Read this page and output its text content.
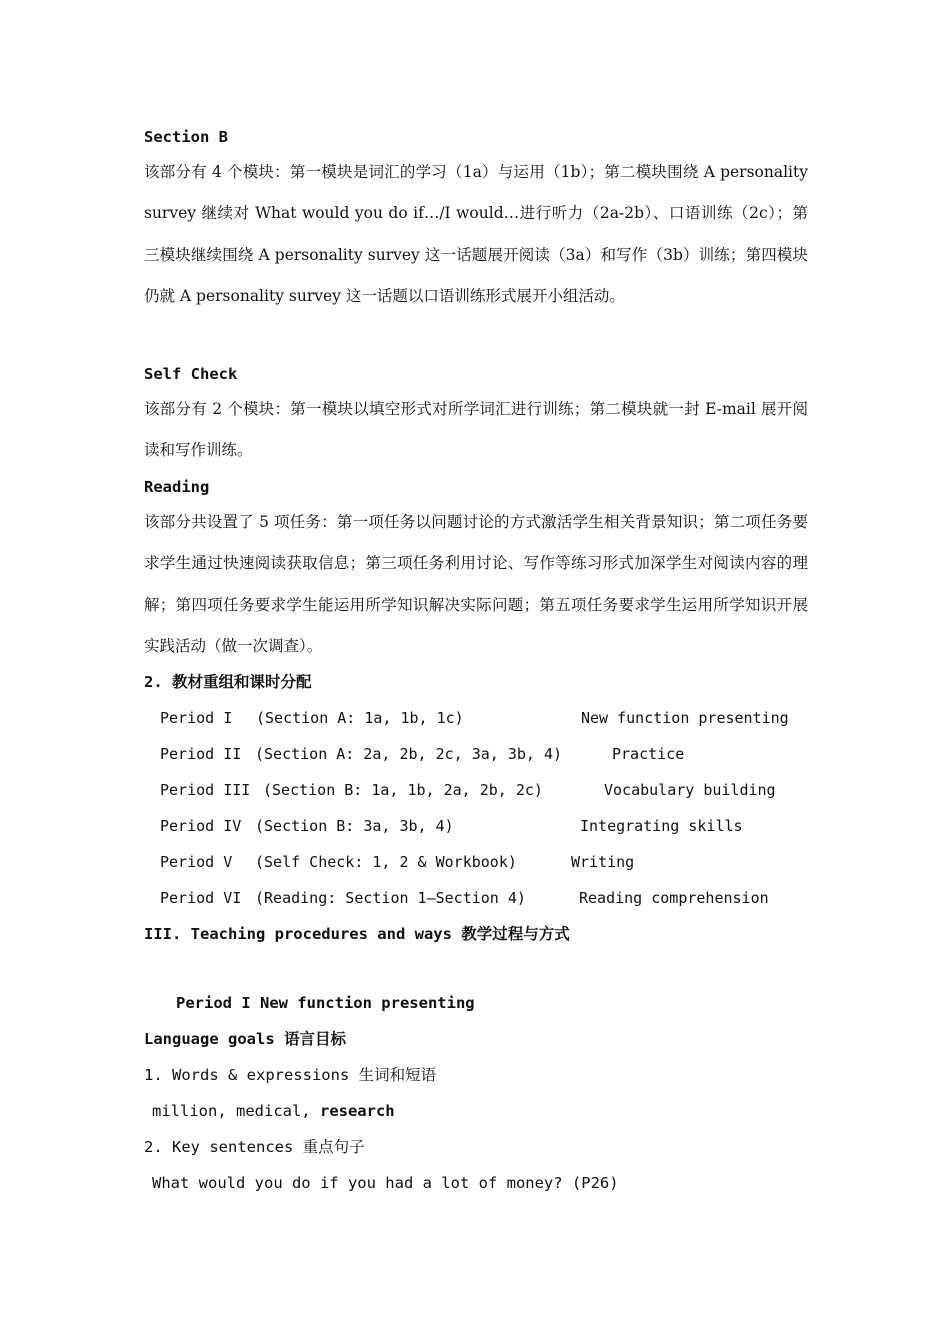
Section B
该部分有 4 个模块：第一模块是词汇的学习（1a）与运用（1b）；第二模块围绕 A personality survey 继续对 What would you do if…/I would…进行听力（2a-2b）、口语训练（2c）；第三模块继续围绕 A personality survey 这一话题展开阅读（3a）和写作（3b）训练；第四模块仍就 A personality survey 这一话题以口语训练形式展开小组活动。
Self Check
该部分有 2 个模块：第一模块以填空形式对所学词汇进行训练；第二模块就一封 E-mail 展开阅读和写作训练。
Reading
该部分共设置了 5 项任务：第一项任务以问题讨论的方式激活学生相关背景知识；第二项任务要求学生通过快速阅读获取信息；第三项任务利用讨论、写作等练习形式加深学生对阅读内容的理解；第四项任务要求学生能运用所学知识解决实际问题；第五项任务要求学生运用所学知识开展实践活动（做一次调查）。
2. 教材重组和课时分配
Period I (Section A: 1a, 1b, 1c)	New function presenting
Period II (Section A: 2a, 2b, 2c, 3a, 3b, 4)	Practice
Period III (Section B: 1a, 1b, 2a, 2b, 2c)	Vocabulary building
Period IV (Section B: 3a, 3b, 4)	Integrating skills
Period V (Self Check: 1, 2 & Workbook)	Writing
Period VI (Reading: Section 1—Section 4)	Reading comprehension
III. Teaching procedures and ways 教学过程与方式
Period I New function presenting
Language goals 语言目标
1. Words & expressions 生词和短语
million, medical, research
2. Key sentences 重点句子
What would you do if you had a lot of money? (P26)
